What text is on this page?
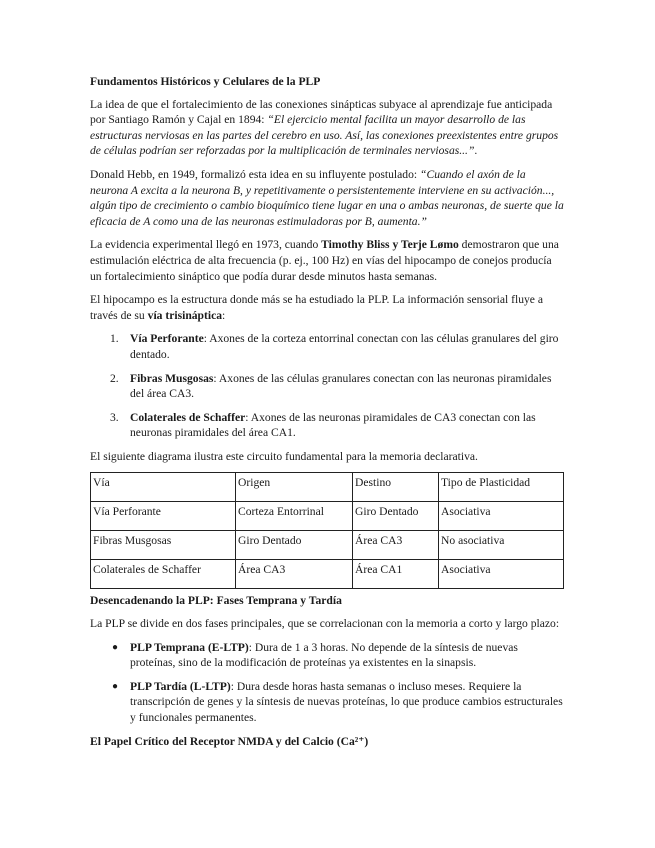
Fundamentos Históricos y Celulares de la PLP

La idea de que el fortalecimiento de las conexiones sinápticas subyace al aprendizaje fue anticipada por Santiago Ramón y Cajal en 1894: “El ejercicio mental facilita un mayor desarrollo de las estructuras nerviosas en las partes del cerebro en uso. Así, las conexiones preexistentes entre grupos de células podrían ser reforzadas por la multiplicación de terminales nerviosas...”.

Donald Hebb, en 1949, formalizó esta idea en su influyente postulado: “Cuando el axón de la neurona A excita a la neurona B, y repetitivamente o persistentemente interviene en su activación..., algún tipo de crecimiento o cambio bioquímico tiene lugar en una o ambas neuronas, de suerte que la eficacia de A como una de las neuronas estimuladoras por B, aumenta.”

La evidencia experimental llegó en 1973, cuando Timothy Bliss y Terje Lømo demostraron que una estimulación eléctrica de alta frecuencia (p. ej., 100 Hz) en vías del hipocampo de conejos producía un fortalecimiento sináptico que podía durar desde minutos hasta semanas.

El hipocampo es la estructura donde más se ha estudiado la PLP. La información sensorial fluye a través de su vía trisináptica:

1. Vía Perforante: Axones de la corteza entorrinal conectan con las células granulares del giro dentado.
2. Fibras Musgosas: Axones de las células granulares conectan con las neuronas piramidales del área CA3.
3. Colaterales de Schaffer: Axones de las neuronas piramidales de CA3 conectan con las neuronas piramidales del área CA1.

El siguiente diagrama ilustra este circuito fundamental para la memoria declarativa.

Vía	Origen	Destino	Tipo de Plasticidad
Vía Perforante	Corteza Entorrinal	Giro Dentado	Asociativa
Fibras Musgosas	Giro Dentado	Área CA3	No asociativa
Colaterales de Schaffer	Área CA3	Área CA1	Asociativa
Desencadenando la PLP: Fases Temprana y Tardía

La PLP se divide en dos fases principales, que se correlacionan con la memoria a corto y largo plazo:

● PLP Temprana (E-LTP): Dura de 1 a 3 horas. No depende de la síntesis de nuevas proteínas, sino de la modificación de proteínas ya existentes en la sinapsis.
● PLP Tardía (L-LTP): Dura desde horas hasta semanas o incluso meses. Requiere la transcripción de genes y la síntesis de nuevas proteínas, lo que produce cambios estructurales y funcionales permanentes.
El Papel Crítico del Receptor NMDA y del Calcio (Ca²⁺)
